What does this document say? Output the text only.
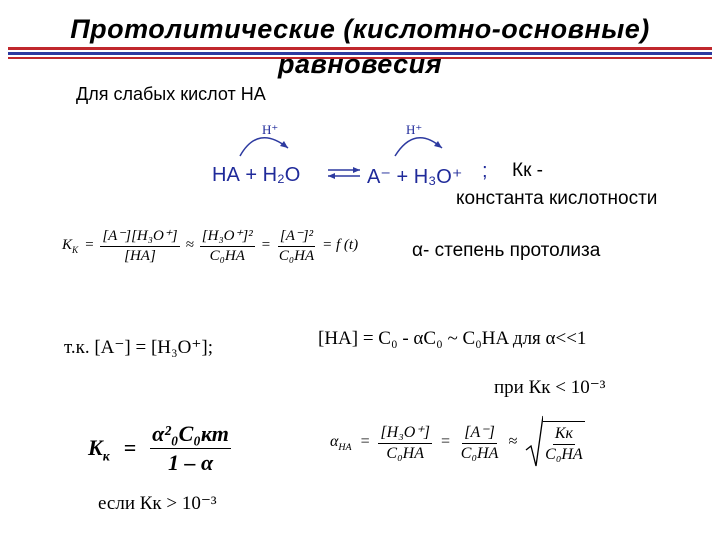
Протолитические (кислотно-основные)
равновесия
Для слабых кислот НА
Н⁺	Н⁺
НА + Н₂О	А⁻ + Н₃О⁺ ; Кк -
константа кислотности
$K_К = \frac{\text{[A⁻][H₃O⁺]}}{[HA]} \approx \frac{\text{[H₃O⁺]²}}{\text{C₀HA}} = \frac{\text{[A⁻]²}}{\text{C₀HA}} = f$ (t)	α- степень протолиза
т.к. [A⁻] = [H₃O⁺];	[HA] = C₀ - αC₀ ~ C₀HA для α<<1
при Кк < 10⁻³
$K_к = \frac{\text{α²₀C₀кт}}{1 - \alpha}$	$\alpha_{НА} = \frac{\text{[H₃O⁺]}}{\text{C₀HA}} = \frac{[A^-]}{\text{C₀HA}} \approx \frac{Kк}{\text{C₀HA}}$
если Кк > 10⁻³
